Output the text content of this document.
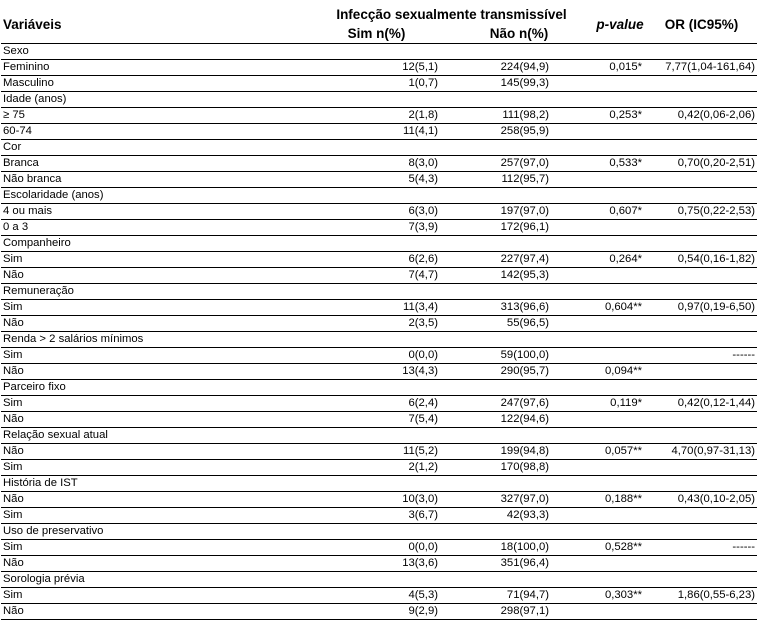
Variáveis	Infecção sexualmente transmissível		p-value	OR (IC95%)
	Sim n(%)	Não n(%)		
Sexo				
Feminino	12(5,1)	224(94,9)	0,015*	7,77(1,04-161,64)
Masculino	1(0,7)	145(99,3)		
Idade (anos)				
≥ 75	2(1,8)	111(98,2)	0,253*	0,42(0,06-2,06)
60-74	11(4,1)	258(95,9)		
Cor				
Branca	8(3,0)	257(97,0)	0,533*	0,70(0,20-2,51)
Não branca	5(4,3)	112(95,7)		
Escolaridade (anos)				
4 ou mais	6(3,0)	197(97,0)	0,607*	0,75(0,22-2,53)
0 a 3	7(3,9)	172(96,1)		
Companheiro				
Sim	6(2,6)	227(97,4)	0,264*	0,54(0,16-1,82)
Não	7(4,7)	142(95,3)		
Remuneração				
Sim	11(3,4)	313(96,6)	0,604**	0,97(0,19-6,50)
Não	2(3,5)	55(96,5)		
Renda > 2 salários mínimos				
Sim	0(0,0)	59(100,0)		------
Não	13(4,3)	290(95,7)	0,094**	
Parceiro fixo				
Sim	6(2,4)	247(97,6)	0,119*	0,42(0,12-1,44)
Não	7(5,4)	122(94,6)		
Relação sexual atual				
Não	11(5,2)	199(94,8)	0,057**	4,70(0,97-31,13)
Sim	2(1,2)	170(98,8)		
História de IST				
Não	10(3,0)	327(97,0)	0,188**	0,43(0,10-2,05)
Sim	3(6,7)	42(93,3)		
Uso de preservativo				
Sim	0(0,0)	18(100,0)	0,528**	------
Não	13(3,6)	351(96,4)		
Sorologia prévia				
Sim	4(5,3)	71(94,7)	0,303**	1,86(0,55-6,23)
Não	9(2,9)	298(97,1)		
